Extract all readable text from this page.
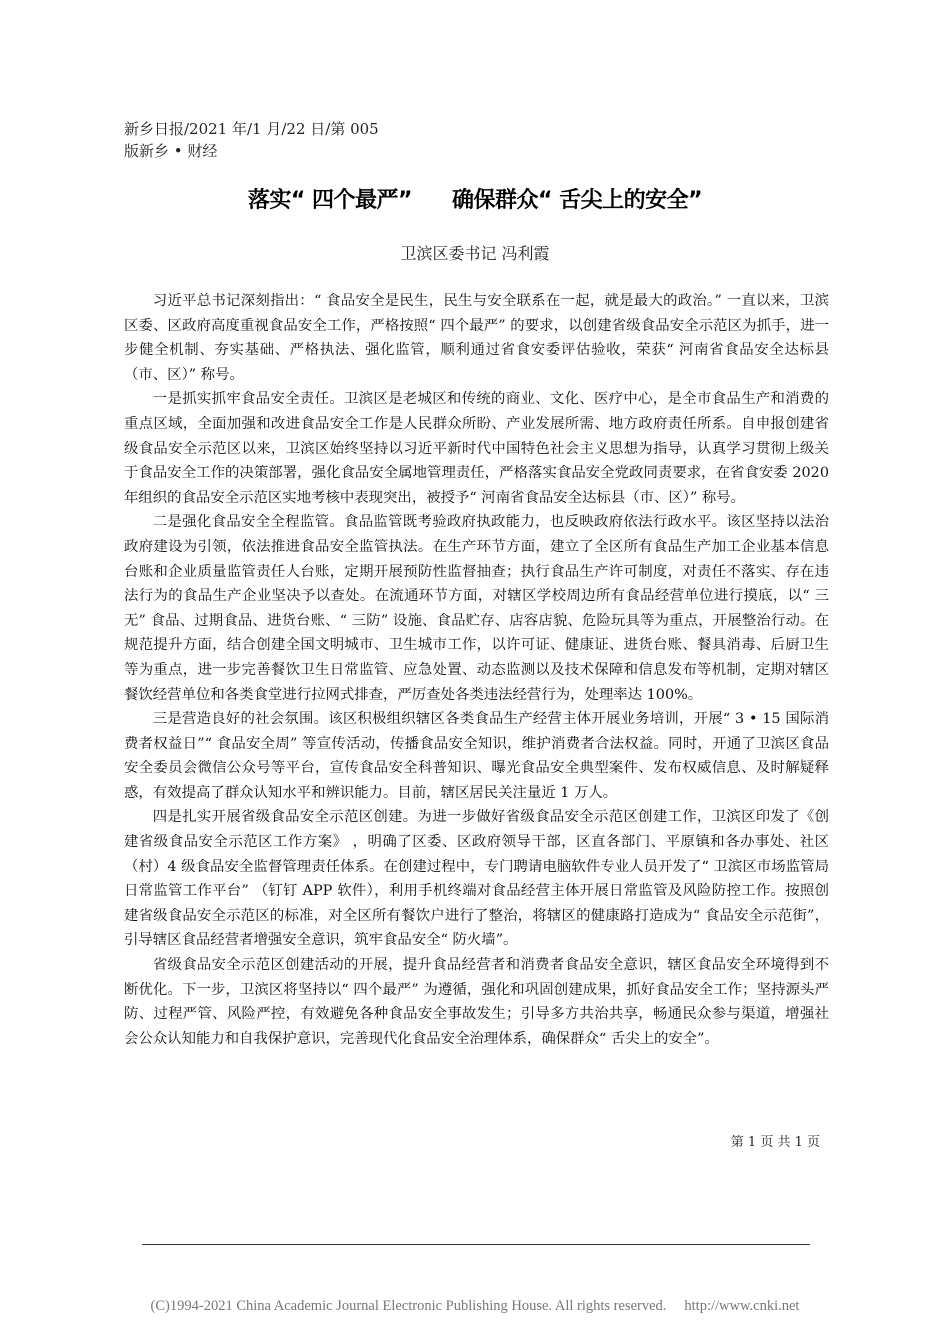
新乡日报/2021 年/1 月/22 日/第 005
版新乡 • 财经
落实“ 四个最严” 确保群众“ 舌尖上的安全”
卫滨区委书记 冯利霞

习近平总书记深刻指出：“ 食品安全是民生，民生与安全联系在一起，就是最大的政治。” 一直以来，卫滨区委、区政府高度重视食品安全工作，严格按照“ 四个最严” 的要求，以创建省级食品安全示范区为抓手，进一步健全机制、夯实基础、严格执法、强化监管，顺利通过省食安委评估验收，荣获“ 河南省食品安全达标县（市、区）” 称号。

一是抓实抓牢食品安全责任。卫滨区是老城区和传统的商业、文化、医疗中心，是全市食品生产和消费的重点区域，全面加强和改进食品安全工作是人民群众所盼、产业发展所需、地方政府责任所系。自申报创建省级食品安全示范区以来，卫滨区始终坚持以习近平新时代中国特色社会主义思想为指导，认真学习贯彻上级关于食品安全工作的决策部署，强化食品安全属地管理责任，严格落实食品安全党政同责要求，在省食安委 2020 年组织的食品安全示范区实地考核中表现突出，被授予“ 河南省食品安全达标县（市、区）” 称号。

二是强化食品安全全程监管。食品监管既考验政府执政能力，也反映政府依法行政水平。该区坚持以法治政府建设为引领，依法推进食品安全监管执法。在生产环节方面，建立了全区所有食品生产加工企业基本信息台账和企业质量监管责任人台账，定期开展预防性监督抽查；执行食品生产许可制度，对责任不落实、存在违法行为的食品生产企业坚决予以查处。在流通环节方面，对辖区学校周边所有食品经营单位进行摸底，以“ 三无” 食品、过期食品、进货台账、“ 三防” 设施、食品贮存、店容店貌、危险玩具等为重点，开展整治行动。在规范提升方面，结合创建全国文明城市、卫生城市工作，以许可证、健康证、进货台账、餐具消毒、后厨卫生等为重点，进一步完善餐饮卫生日常监管、应急处置、动态监测以及技术保障和信息发布等机制，定期对辖区餐饮经营单位和各类食堂进行拉网式排查，严厉查处各类违法经营行为，处理率达 100%。

三是营造良好的社会氛围。该区积极组织辖区各类食品生产经营主体开展业务培训，开展“ 3 • 15 国际消费者权益日”“ 食品安全周” 等宣传活动，传播食品安全知识，维护消费者合法权益。同时，开通了卫滨区食品安全委员会微信公众号等平台，宣传食品安全科普知识、曝光食品安全典型案件、发布权威信息、及时解疑释惑，有效提高了群众认知水平和辨识能力。目前，辖区居民关注量近 1 万人。

四是扎实开展省级食品安全示范区创建。为进一步做好省级食品安全示范区创建工作，卫滨区印发了《创建省级食品安全示范区工作方案》 ，明确了区委、区政府领导干部，区直各部门、平原镇和各办事处、社区（村）4 级食品安全监督管理责任体系。在创建过程中，专门聘请电脑软件专业人员开发了“ 卫滨区市场监管局日常监管工作平台” （钉钉 APP 软件），利用手机终端对食品经营主体开展日常监管及风险防控工作。按照创建省级食品安全示范区的标准，对全区所有餐饮户进行了整治，将辖区的健康路打造成为“ 食品安全示范街”，引导辖区食品经营者增强安全意识，筑牢食品安全“ 防火墙”。

省级食品安全示范区创建活动的开展，提升食品经营者和消费者食品安全意识，辖区食品安全环境得到不断优化。下一步，卫滨区将坚持以“ 四个最严” 为遵循，强化和巩固创建成果，抓好食品安全工作；坚持源头严防、过程严管、风险严控，有效避免各种食品安全事故发生；引导多方共治共享，畅通民众参与渠道，增强社会公众认知能力和自我保护意识，完善现代化食品安全治理体系，确保群众“ 舌尖上的安全”。

第 1 页 共 1 页
(C)1994-2021 China Academic Journal Electronic Publishing House. All rights reserved. http://www.cnki.net
